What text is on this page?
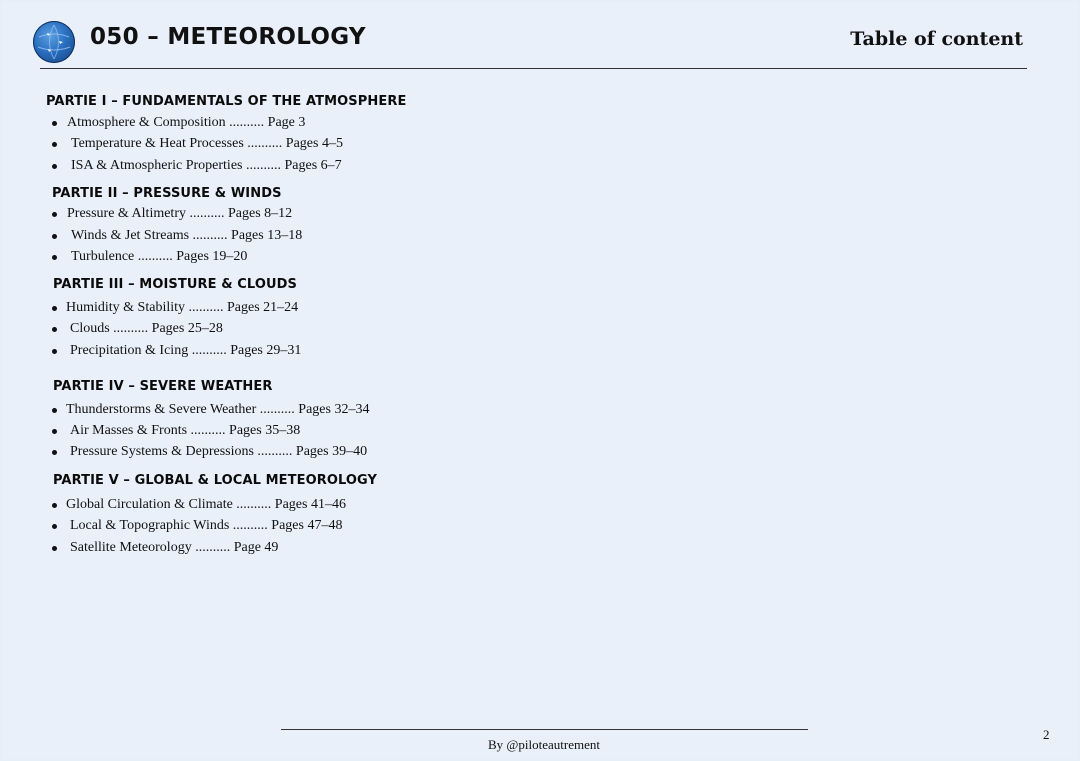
050 – METEOROLOGY	Table of content
PARTIE I – FUNDAMENTALS OF THE ATMOSPHERE
Atmosphere & Composition .......... Page 3
Temperature & Heat Processes .......... Pages 4–5
ISA & Atmospheric Properties .......... Pages 6–7
PARTIE II – PRESSURE & WINDS
Pressure & Altimetry .......... Pages 8–12
Winds & Jet Streams .......... Pages 13–18
Turbulence .......... Pages 19–20
PARTIE III – MOISTURE & CLOUDS
Humidity & Stability .......... Pages 21–24
Clouds .......... Pages 25–28
Precipitation & Icing .......... Pages 29–31
PARTIE IV – SEVERE WEATHER
Thunderstorms & Severe Weather .......... Pages 32–34
Air Masses & Fronts .......... Pages 35–38
Pressure Systems & Depressions .......... Pages 39–40
PARTIE V – GLOBAL & LOCAL METEOROLOGY
Global Circulation & Climate .......... Pages 41–46
Local & Topographic Winds .......... Pages 47–48
Satellite Meteorology .......... Page 49
By @piloteautrement
2
